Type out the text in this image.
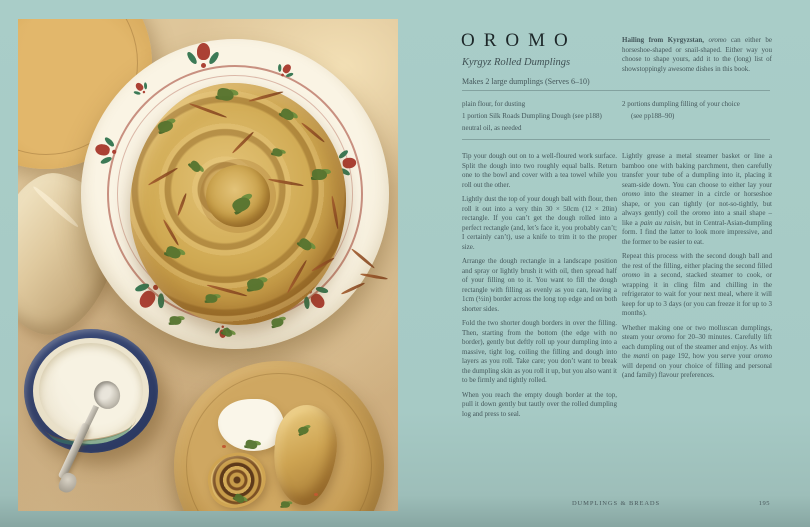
OROMO
Kyrgyz Rolled Dumplings
Makes 2 large dumplings (Serves 6–10)

Hailing from Kyrgyzstan, oromo can either be horseshoe-shaped or snail-shaped. Either way you choose to shape yours, add it to the (long) list of showstoppingly awesome dishes in this book.

plain flour, for dusting
1 portion Silk Roads Dumpling Dough (see p188)
neutral oil, as needed
2 portions dumpling filling of your choice
(see pp188–90)

Tip your dough out on to a well-floured work surface. Split the dough into two roughly equal balls. Return one to the bowl and cover with a tea towel while you roll out the other.

Lightly dust the top of your dough ball with flour, then roll it out into a very thin 30 × 50cm (12 × 20in) rectangle. If you can’t get the dough rolled into a perfect rectangle (and, let’s face it, you probably can’t; I certainly can’t), use a knife to trim it to the proper size.

Arrange the dough rectangle in a landscape position and spray or lightly brush it with oil, then spread half of your filling on to it. You want to fill the dough rectangle with filling as evenly as you can, leaving a 1cm (½in) border across the long top edge and on both shorter sides.

Fold the two shorter dough borders in over the filling. Then, starting from the bottom (the edge with no border), gently but deftly roll up your dumpling into a massive, tight log, coiling the filling and dough into layers as you roll. Take care; you don’t want to break the dumpling skin as you roll it up, but you also want it to be firmly and tightly rolled.

When you reach the empty dough border at the top, pull it down gently but tautly over the rolled dumpling log and press to seal.

Lightly grease a metal steamer basket or line a bamboo one with baking parchment, then carefully transfer your tube of a dumpling into it, placing it seam-side down. You can choose to either lay your oromo into the steamer in a circle or horseshoe shape, or you can tightly (or not-so-tightly, but always gently) coil the oromo into a snail shape – like a pain au raisin, but in Central-Asian-dumpling form. I find the latter to look more impressive, and the former to be easier to eat.

Repeat this process with the second dough ball and the rest of the filling, either placing the second filled oromo in a second, stacked steamer to cook, or wrapping it in cling film and chilling in the refrigerator to wait for your next meal, where it will keep for up to 3 days (or you can freeze it for up to 3 months).

Whether making one or two molluscan dumplings, steam your oromo for 20–30 minutes. Carefully lift each dumpling out of the steamer and enjoy. As with the manti on page 192, how you serve your oromo will depend on your choice of filling and personal (and family) flavour preferences.

DUMPLINGS & BREADS	195
